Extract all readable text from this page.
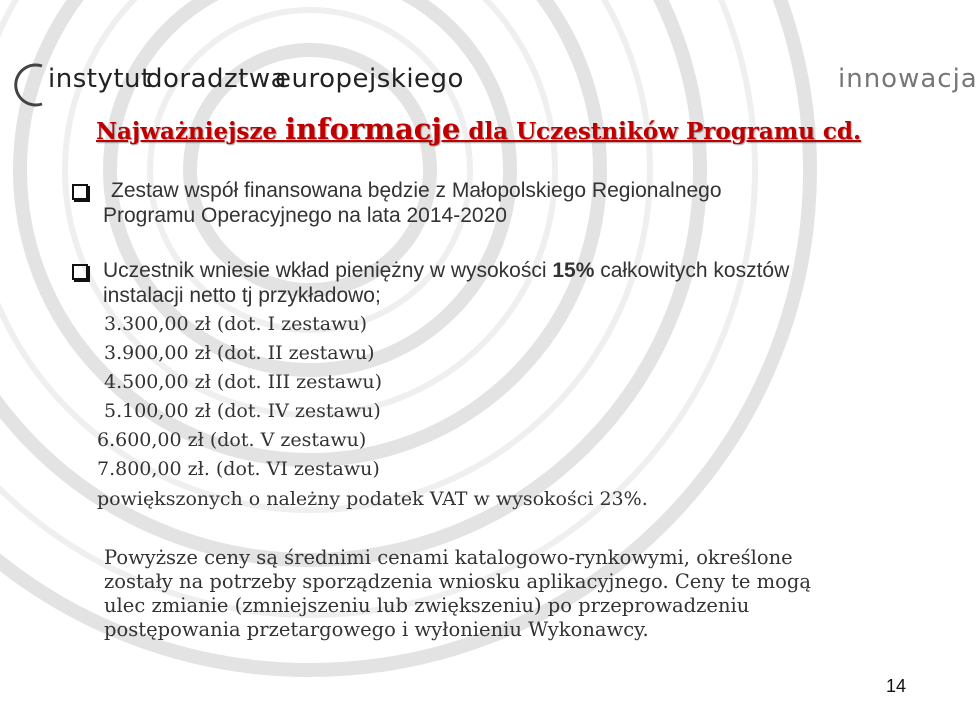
instytut
doradztwa
europejskiego	innowacja
Najważniejsze informacje dla Uczestników Programu cd.
Zestaw współ finansowana będzie z Małopolskiego Regionalnego
Programu Operacyjnego na lata 2014-2020
Uczestnik wniesie wkład pieniężny w wysokości 15% całkowitych kosztów
instalacji netto tj przykładowo;
3.300,00 zł (dot. I zestawu)
3.900,00 zł (dot. II zestawu)
4.500,00 zł (dot. III zestawu)
5.100,00 zł (dot. IV zestawu)
6.600,00 zł (dot. V zestawu)
7.800,00 zł. (dot. VI zestawu)
powiększonych o należny podatek VAT w wysokości 23%.
Powyższe ceny są średnimi cenami katalogowo-rynkowymi, określone
zostały na potrzeby sporządzenia wniosku aplikacyjnego. Ceny te mogą
ulec zmianie (zmniejszeniu lub zwiększeniu) po przeprowadzeniu
postępowania przetargowego i wyłonieniu Wykonawcy.
14
